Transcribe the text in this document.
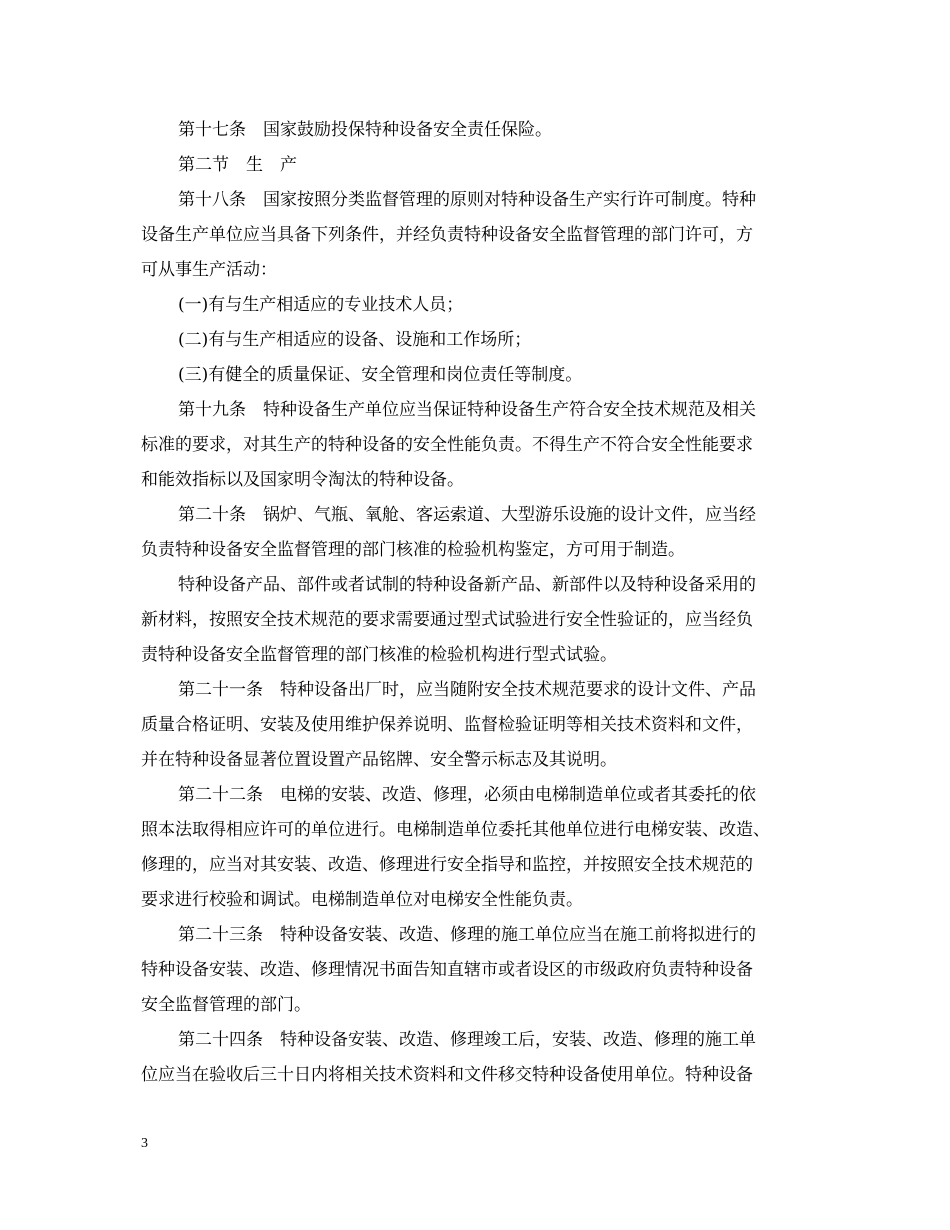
第十七条　国家鼓励投保特种设备安全责任保险。
第二节　生　产
第十八条　国家按照分类监督管理的原则对特种设备生产实行许可制度。特种
设备生产单位应当具备下列条件，并经负责特种设备安全监督管理的部门许可，方
可从事生产活动：
(一)有与生产相适应的专业技术人员；
(二)有与生产相适应的设备、设施和工作场所；
(三)有健全的质量保证、安全管理和岗位责任等制度。
第十九条　特种设备生产单位应当保证特种设备生产符合安全技术规范及相关
标准的要求，对其生产的特种设备的安全性能负责。不得生产不符合安全性能要求
和能效指标以及国家明令淘汰的特种设备。
第二十条　锅炉、气瓶、氧舱、客运索道、大型游乐设施的设计文件，应当经
负责特种设备安全监督管理的部门核准的检验机构鉴定，方可用于制造。
特种设备产品、部件或者试制的特种设备新产品、新部件以及特种设备采用的
新材料，按照安全技术规范的要求需要通过型式试验进行安全性验证的，应当经负
责特种设备安全监督管理的部门核准的检验机构进行型式试验。
第二十一条　特种设备出厂时，应当随附安全技术规范要求的设计文件、产品
质量合格证明、安装及使用维护保养说明、监督检验证明等相关技术资料和文件，
并在特种设备显著位置设置产品铭牌、安全警示标志及其说明。
第二十二条　电梯的安装、改造、修理，必须由电梯制造单位或者其委托的依
照本法取得相应许可的单位进行。电梯制造单位委托其他单位进行电梯安装、改造、
修理的，应当对其安装、改造、修理进行安全指导和监控，并按照安全技术规范的
要求进行校验和调试。电梯制造单位对电梯安全性能负责。
第二十三条　特种设备安装、改造、修理的施工单位应当在施工前将拟进行的
特种设备安装、改造、修理情况书面告知直辖市或者设区的市级政府负责特种设备
安全监督管理的部门。
第二十四条　特种设备安装、改造、修理竣工后，安装、改造、修理的施工单
位应当在验收后三十日内将相关技术资料和文件移交特种设备使用单位。特种设备
3
